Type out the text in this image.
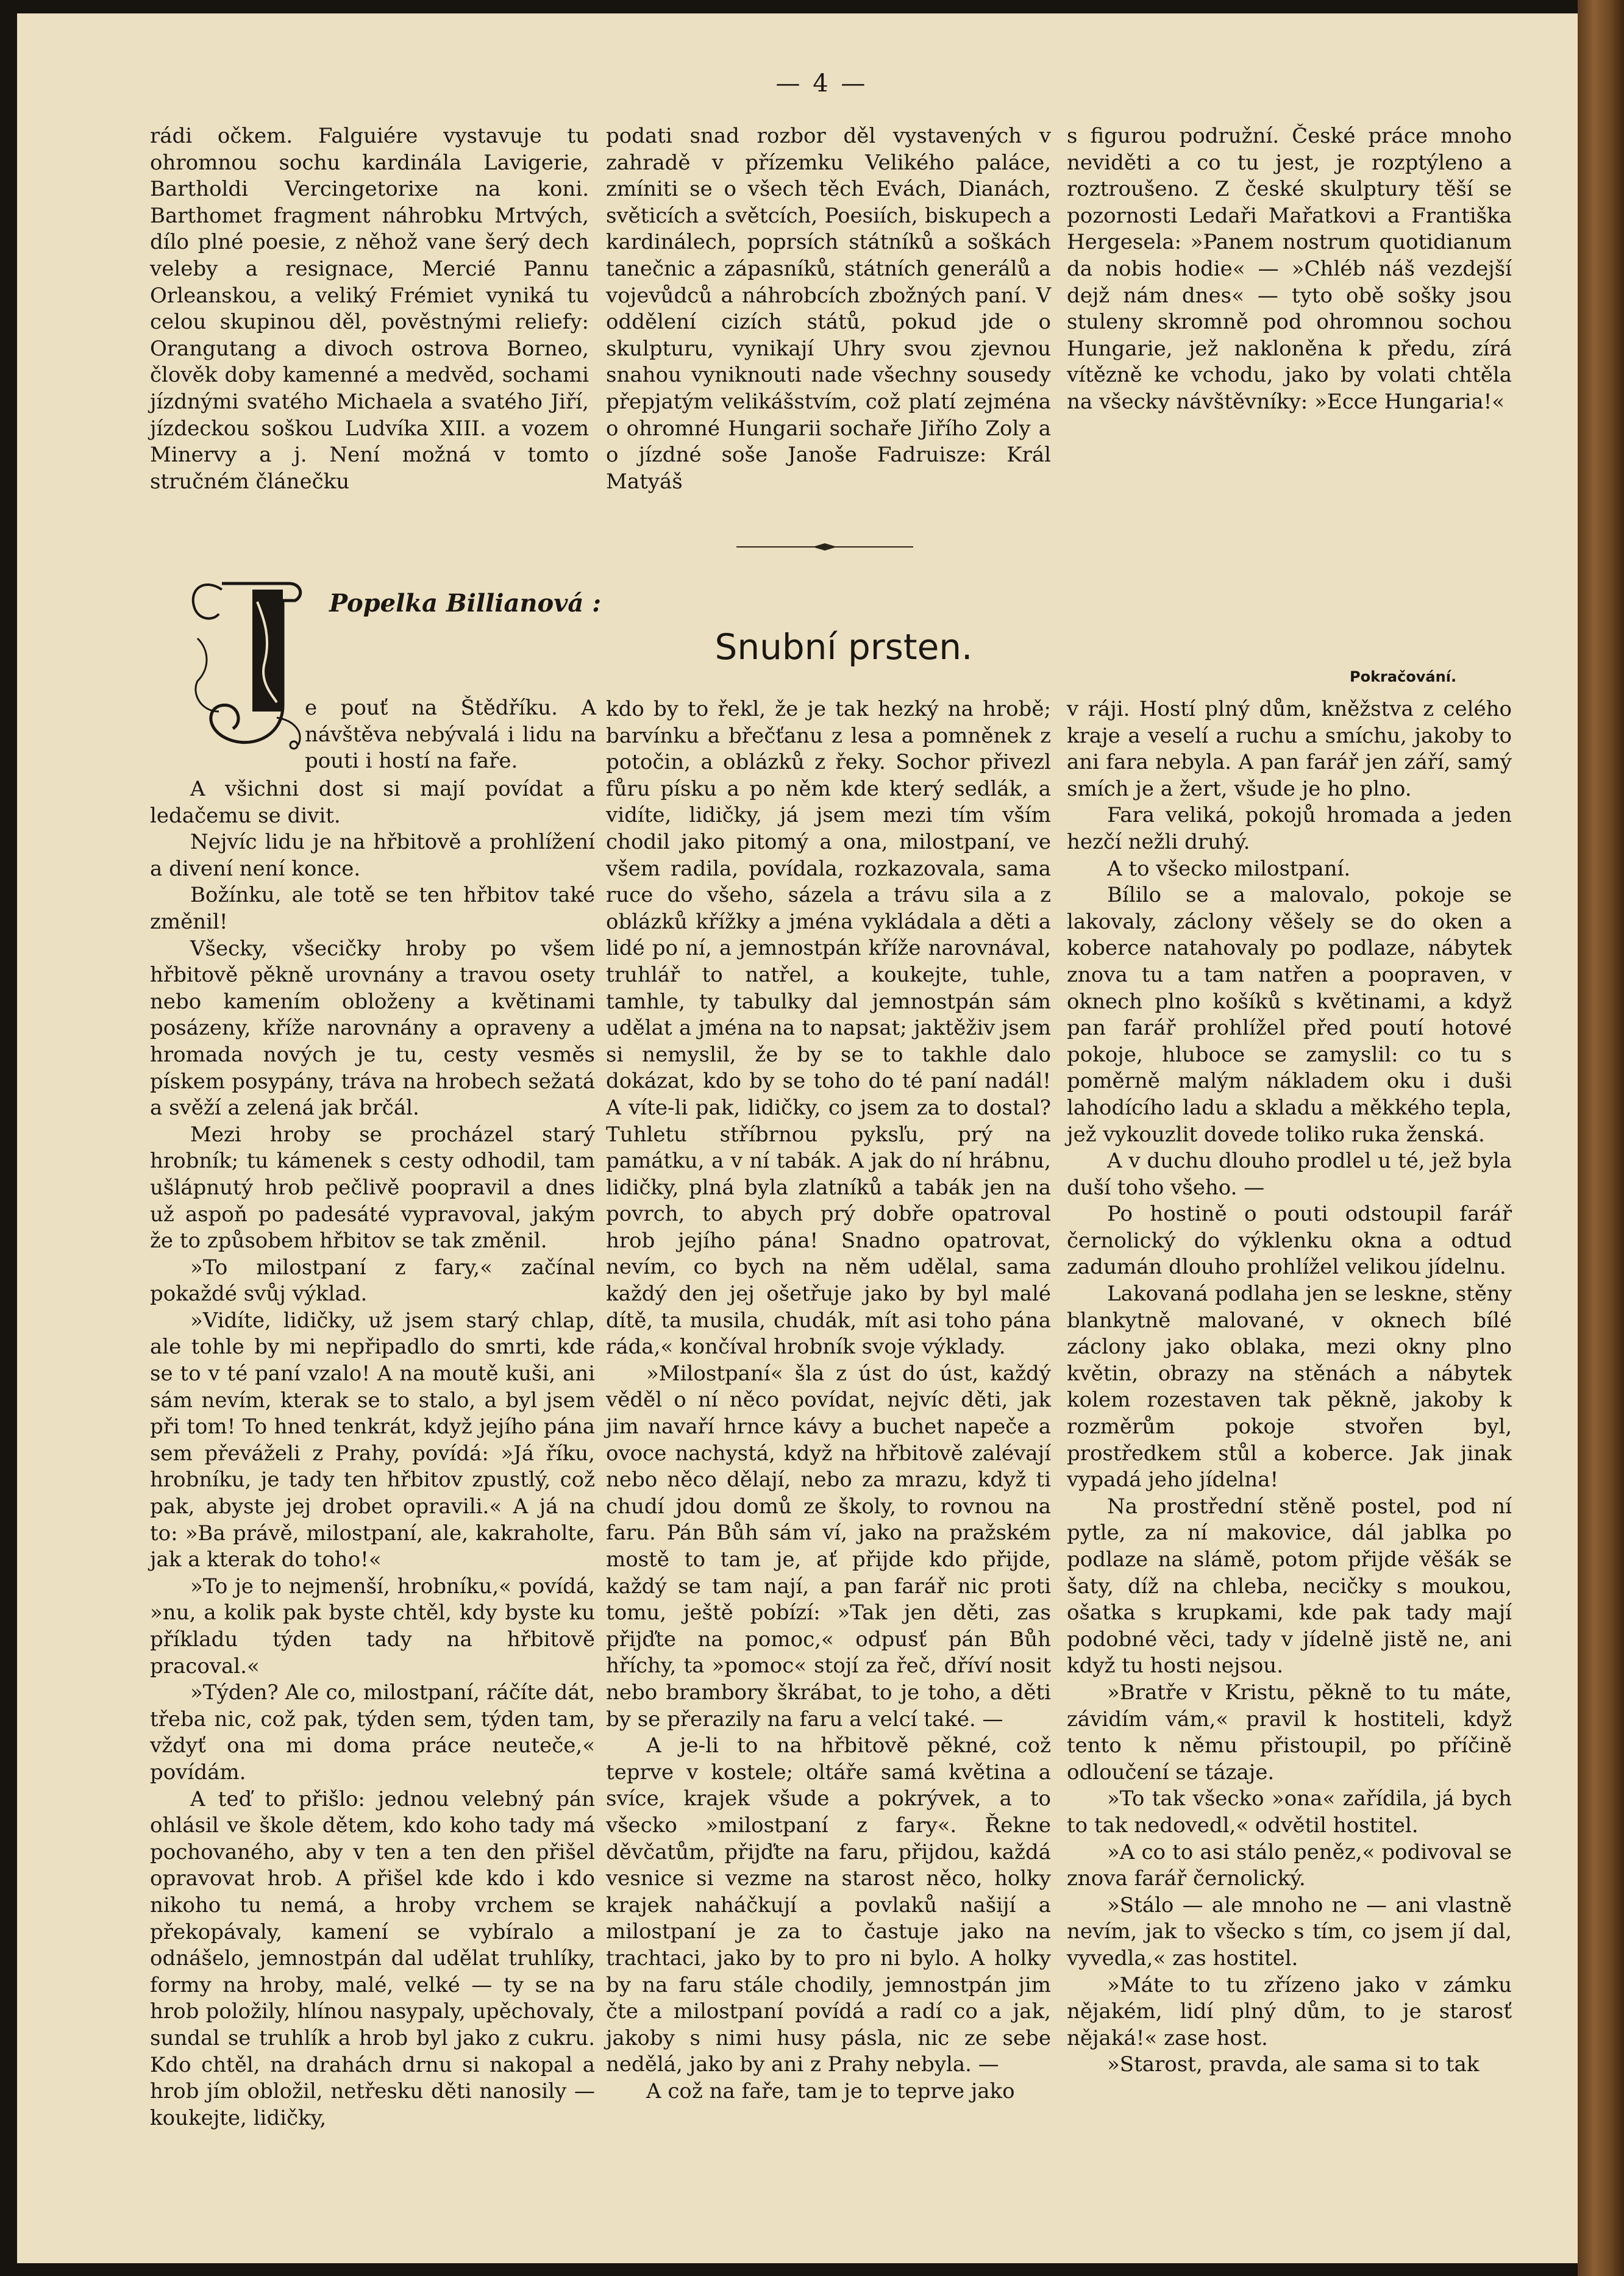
— 4 —

rádi očkem. Falguiére vystavuje tu ohromnou sochu kardinála Lavigerie, Bartholdi Vercingetorixe na koni. Barthomet fragment náhrobku Mrtvých, dílo plné poesie, z něhož vane šerý dech veleby a resignace, Mercié Pannu Orleanskou, a veliký Frémiet vyniká tu celou skupinou děl, pověstnými reliefy: Orangutang a divoch ostrova Borneo, člověk doby kamenné a medvěd, sochami jízdnými svatého Michaela a svatého Jiří, jízdeckou soškou Ludvíka XIII. a vozem Minervy a j. Není možná v tomto stručném článečku

podati snad rozbor děl vystavených v zahradě v přízemku Velikého paláce, zmíniti se o všech těch Evách, Dianách, světicích a světcích, Poesiích, biskupech a kardinálech, poprsích státníků a soškách tanečnic a zápasníků, státních generálů a vojevůdců a náhrobcích zbožných paní. V oddělení cizích států, pokud jde o skulpturu, vynikají Uhry svou zjevnou snahou vyniknouti nade všechny sousedy přepjatým velikášstvím, což platí zejména o ohromné Hungarii sochaře Jiřího Zoly a o jízdné soše Janoše Fadruisze: Král Matyáš

s figurou podružní. České práce mnoho neviděti a co tu jest, je rozptýleno a roztroušeno. Z české skulptury těší se pozornosti Ledaři Mařatkovi a Františka Hergesela: »Panem nostrum quotidianum da nobis hodie« — »Chléb náš vezdejší dejž nám dnes« — tyto obě sošky jsou stuleny skromně pod ohromnou sochou Hungarie, jež nakloněna k předu, zírá vítězně ke vchodu, jako by volati chtěla na všecky návštěvníky: »Ecce Hungaria!«

Popelka Billianová :
Snubní prsten.
Pokračování.
J
e pouť na Štědříku. A návštěva nebývalá i lidu na pouti i hostí na faře.

A všichni dost si mají povídat a ledačemu se divit.

Nejvíc lidu je na hřbitově a prohlížení a divení není konce.

Božínku, ale totě se ten hřbitov také změnil!

Všecky, všecičky hroby po všem hřbitově pěkně urovnány a travou osety nebo kamením obloženy a květinami posázeny, kříže narovnány a opraveny a hromada nových je tu, cesty vesměs pískem posypány, tráva na hrobech sežatá a svěží a zelená jak brčál.

Mezi hroby se procházel starý hrobník; tu kámenek s cesty odhodil, tam ušlápnutý hrob pečlivě poopravil a dnes už aspoň po padesáté vypravoval, jakým že to způsobem hřbitov se tak změnil.

»To milostpaní z fary,« začínal pokaždé svůj výklad.

»Vidíte, lidičky, už jsem starý chlap, ale tohle by mi nepřipadlo do smrti, kde se to v té paní vzalo! A na moutě kuši, ani sám nevím, kterak se to stalo, a byl jsem při tom! To hned tenkrát, když jejího pána sem převáželi z Prahy, povídá: »Já říku, hrobníku, je tady ten hřbitov zpustlý, což pak, abyste jej drobet opravili.« A já na to: »Ba právě, milostpaní, ale, kakraholte, jak a kterak do toho!«

»To je to nejmenší, hrobníku,« povídá, »nu, a kolik pak byste chtěl, kdy byste ku příkladu týden tady na hřbitově pracoval.«

»Týden? Ale co, milostpaní, ráčíte dát, třeba nic, což pak, týden sem, týden tam, vždyť ona mi doma práce neuteče,« povídám.

A teď to přišlo: jednou velebný pán ohlásil ve škole dětem, kdo koho tady má pochovaného, aby v ten a ten den přišel opravovat hrob. A přišel kde kdo i kdo nikoho tu nemá, a hroby vrchem se překopávaly, kamení se vybíralo a odnášelo, jemnostpán dal udělat truhlíky, formy na hroby, malé, velké — ty se na hrob položily, hlínou nasypaly, upěchovaly, sundal se truhlík a hrob byl jako z cukru. Kdo chtěl, na drahách drnu si nakopal a hrob jím obložil, netřesku děti nanosily — koukejte, lidičky,

kdo by to řekl, že je tak hezký na hrobě; barvínku a břečťanu z lesa a pomněnek z potočin, a oblázků z řeky. Sochor přivezl fůru písku a po něm kde který sedlák, a vidíte, lidičky, já jsem mezi tím vším chodil jako pitomý a ona, milostpaní, ve všem radila, povídala, rozkazovala, sama ruce do všeho, sázela a trávu sila a z oblázků křížky a jména vykládala a děti a lidé po ní, a jemnostpán kříže narovnával, truhlář to natřel, a koukejte, tuhle, tamhle, ty tabulky dal jemnostpán sám udělat a jména na to napsat; jaktěživ jsem si nemyslil, že by se to takhle dalo dokázat, kdo by se toho do té paní nadál! A víte-li pak, lidičky, co jsem za to dostal? Tuhletu stříbrnou pyksľu, prý na památku, a v ní tabák. A jak do ní hrábnu, lidičky, plná byla zlatníků a tabák jen na povrch, to abych prý dobře opatroval hrob jejího pána! Snadno opatrovat, nevím, co bych na něm udělal, sama každý den jej ošetřuje jako by byl malé dítě, ta musila, chudák, mít asi toho pána ráda,« končíval hrobník svoje výklady.

»Milostpaní« šla z úst do úst, každý věděl o ní něco povídat, nejvíc děti, jak jim navaří hrnce kávy a buchet napeče a ovoce nachystá, když na hřbitově zalévají nebo něco dělají, nebo za mrazu, když ti chudí jdou domů ze školy, to rovnou na faru. Pán Bůh sám ví, jako na pražském mostě to tam je, ať přijde kdo přijde, každý se tam nají, a pan farář nic proti tomu, ještě pobízí: »Tak jen děti, zas přijďte na pomoc,« odpusť pán Bůh hříchy, ta »pomoc« stojí za řeč, dříví nosit nebo brambory škrábat, to je toho, a děti by se přerazily na faru a velcí také. —

A je-li to na hřbitově pěkné, což teprve v kostele; oltáře samá květina a svíce, krajek všude a pokrývek, a to všecko »milostpaní z fary«. Řekne děvčatům, přijďte na faru, přijdou, každá vesnice si vezme na starost něco, holky krajek naháčkují a povlaků našijí a milostpaní je za to častuje jako na trachtaci, jako by to pro ni bylo. A holky by na faru stále chodily, jemnostpán jim čte a milostpaní povídá a radí co a jak, jakoby s nimi husy pásla, nic ze sebe nedělá, jako by ani z Prahy nebyla. —

A což na faře, tam je to teprve jako

v ráji. Hostí plný dům, kněžstva z celého kraje a veselí a ruchu a smíchu, jakoby to ani fara nebyla. A pan farář jen září, samý smích je a žert, všude je ho plno.

Fara veliká, pokojů hromada a jeden hezčí nežli druhý.

A to všecko milostpaní.

Bílilo se a malovalo, pokoje se lakovaly, záclony věšely se do oken a koberce natahovaly po podlaze, nábytek znova tu a tam natřen a poopraven, v oknech plno košíků s květinami, a když pan farář prohlížel před poutí hotové pokoje, hluboce se zamyslil: co tu s poměrně malým nákladem oku i duši lahodícího ladu a skladu a měkkého tepla, jež vykouzlit dovede toliko ruka ženská.

A v duchu dlouho prodlel u té, jež byla duší toho všeho. —

Po hostině o pouti odstoupil farář černolický do výklenku okna a odtud zadumán dlouho prohlížel velikou jídelnu.

Lakovaná podlaha jen se leskne, stěny blankytně malované, v oknech bílé záclony jako oblaka, mezi okny plno květin, obrazy na stěnách a nábytek kolem rozestaven tak pěkně, jakoby k rozměrům pokoje stvořen byl, prostředkem stůl a koberce. Jak jinak vypadá jeho jídelna!

Na prostřední stěně postel, pod ní pytle, za ní makovice, dál jablka po podlaze na slámě, potom přijde věšák se šaty, díž na chleba, necičky s moukou, ošatka s krupkami, kde pak tady mají podobné věci, tady v jídelně jistě ne, ani když tu hosti nejsou.

»Bratře v Kristu, pěkně to tu máte, závidím vám,« pravil k hostiteli, když tento k němu přistoupil, po příčině odloučení se tázaje.

»To tak všecko »ona« zařídila, já bych to tak nedovedl,« odvětil hostitel.

»A co to asi stálo peněz,« podivoval se znova farář černolický.

»Stálo — ale mnoho ne — ani vlastně nevím, jak to všecko s tím, co jsem jí dal, vyvedla,« zas hostitel.

»Máte to tu zřízeno jako v zámku nějakém, lidí plný dům, to je starosť nějaká!« zase host.

»Starost, pravda, ale sama si to tak
